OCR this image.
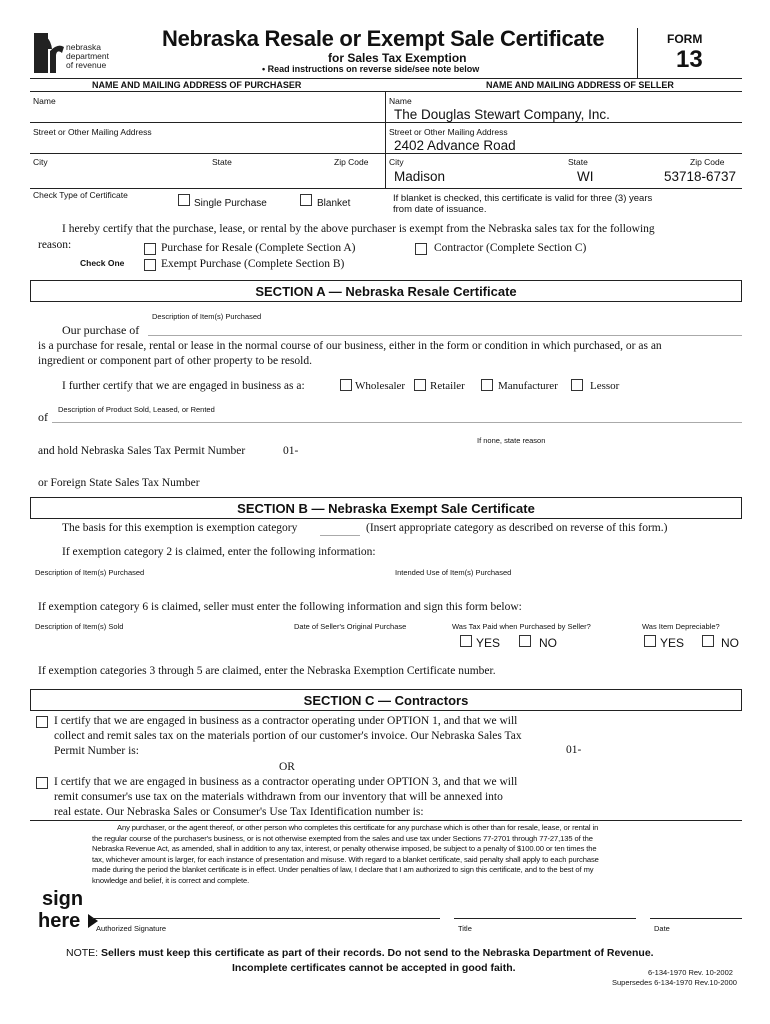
nebraska
department
of revenue
Nebraska Resale or Exempt Sale Certificate
for Sales Tax Exemption
• Read instructions on reverse side/see note below
FORM
13
NAME AND MAILING ADDRESS OF PURCHASER	NAME AND MAILING ADDRESS OF SELLER
Name	Name
The Douglas Stewart Company, Inc.
Street or Other Mailing Address	Street or Other Mailing Address
2402 Advance Road
City	State	Zip Code City	State	Zip Code
Madison	WI	53718-6737
Check Type of Certificate
Single Purchase	Blanket	If blanket is checked, this certificate is valid for three (3) years
from date of issuance.
I hereby certify that the purchase, lease, or rental by the above purchaser is exempt from the Nebraska sales tax for the following
reason:
Check One
Purchase for Resale (Complete Section A)
Exempt Purchase (Complete Section B)
Contractor (Complete Section C)
SECTION A — Nebraska Resale Certificate
Description of Item(s) Purchased
Our purchase of
is a purchase for resale, rental or lease in the normal course of our business, either in the form or condition in which purchased, or as an
ingredient or component part of other property to be resold.
I further certify that we are engaged in business as a:	Wholesaler Retailer	Manufacturer	Lessor
of
Description of Product Sold, Leased, or Rented
If none, state reason
and hold Nebraska Sales Tax Permit Number	01-
or Foreign State Sales Tax Number
SECTION B — Nebraska Exempt Sale Certificate
The basis for this exemption is exemption category	(Insert appropriate category as described on reverse of this form.)
If exemption category 2 is claimed, enter the following information:
Description of Item(s) Purchased	Intended Use of Item(s) Purchased
If exemption category 6 is claimed, seller must enter the following information and sign this form below:
Description of Item(s) Sold	Date of Seller's Original Purchase	Was Tax Paid when Purchased by Seller?	Was Item Depreciable?
YES	NO	YES	NO
If exemption categories 3 through 5 are claimed, enter the Nebraska Exemption Certificate number.
SECTION C — Contractors
I certify that we are engaged in business as a contractor operating under OPTION 1, and that we will
collect and remit sales tax on the materials portion of our customer's invoice. Our Nebraska Sales Tax
Permit Number is:	01-
OR
I certify that we are engaged in business as a contractor operating under OPTION 3, and that we will
remit consumer's use tax on the materials withdrawn from our inventory that will be annexed into
real estate. Our Nebraska Sales or Consumer's Use Tax Identification number is:
Any purchaser, or the agent thereof, or other person who completes this certificate for any purchase which is other than for resale, lease, or rental in
the regular course of the purchaser's business, or is not otherwise exempted from the sales and use tax under Sections 77-2701 through 77-27,135 of the
Nebraska Revenue Act, as amended, shall in addition to any tax, interest, or penalty otherwise imposed, be subject to a penalty of $100.00 or ten times the
tax, whichever amount is larger, for each instance of presentation and misuse. With regard to a blanket certificate, said penalty shall apply to each purchase
made during the period the blanket certificate is in effect. Under penalties of law, I declare that I am authorized to sign this certificate, and to the best of my
knowledge and belief, it is correct and complete.
sign
here Authorized Signature	Title	Date
NOTE: Sellers must keep this certificate as part of their records. Do not send to the Nebraska Department of Revenue.
Incomplete certificates cannot be accepted in good faith.	6-134-1970 Rev. 10-2002
Supersedes 6-134-1970 Rev.10-2000
